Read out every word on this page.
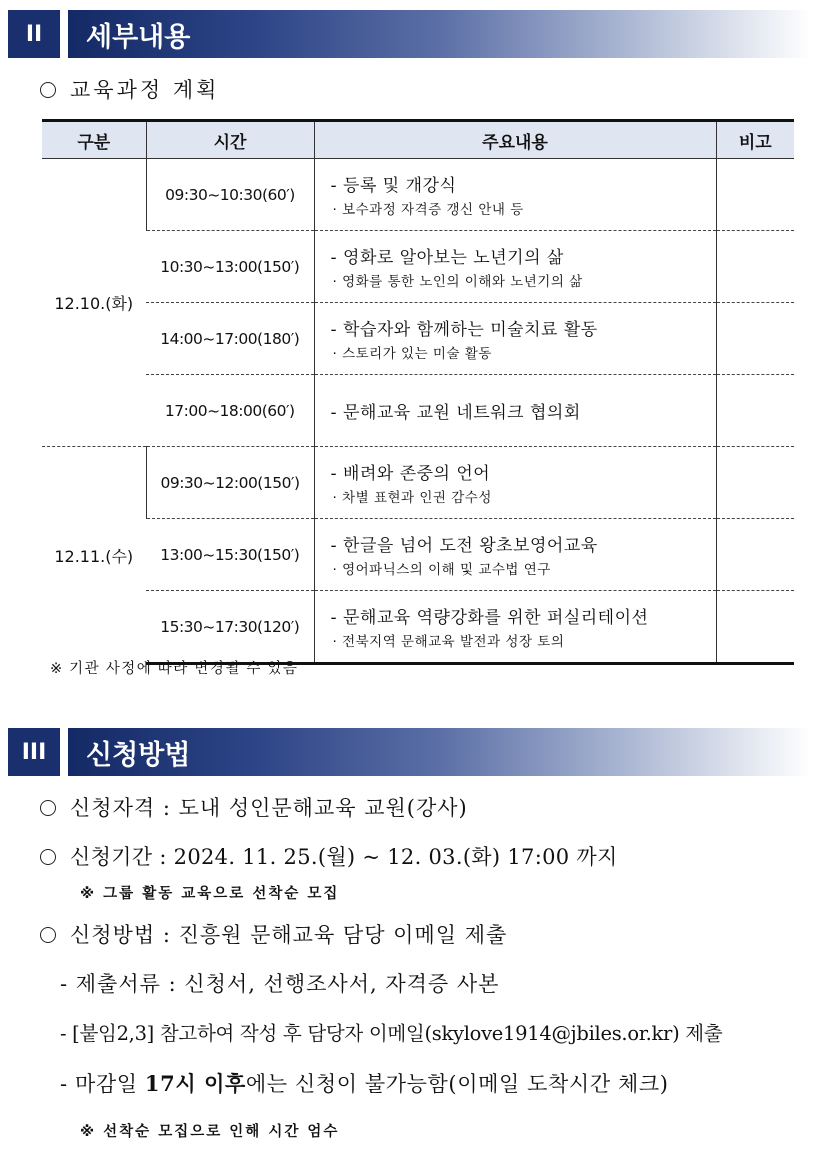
II	세부내용
교육과정 계획
구분	시간	주요내용	비고
12.10.(화)	09:30~10:30(60′)	- 등록 및 개강식
· 보수과정 자격증 갱신 안내 등	

	10:30~13:00(150′)	- 영화로 알아보는 노년기의 삶
· 영화를 통한 노인의 이해와 노년기의 삶	

	14:00~17:00(180′)	- 학습자와 함께하는 미술치료 활동
· 스토리가 있는 미술 활동	

	17:00~18:00(60′)	- 문해교육 교원 네트워크 협의회	

12.11.(수)	09:30~12:00(150′)	- 배려와 존중의 언어
· 차별 표현과 인권 감수성	

	13:00~15:30(150′)	- 한글을 넘어 도전 왕초보영어교육
· 영어파닉스의 이해 및 교수법 연구	

	15:30~17:30(120′)	- 문해교육 역량강화를 위한 퍼실리테이션
· 전북지역 문해교육 발전과 성장 토의	

※ 기관 사정에 따라 변경될 수 있음
III	신청방법
신청자격 : 도내 성인문해교육 교원(강사)
신청기간 : 2024. 11. 25.(월) ~ 12. 03.(화) 17:00 까지
※ 그룹 활동 교육으로 선착순 모집
신청방법 : 진흥원 문해교육 담당 이메일 제출
- 제출서류 : 신청서, 선행조사서, 자격증 사본
- [붙임2,3] 참고하여 작성 후 담당자 이메일(skylove1914@jbiles.or.kr) 제출
- 마감일 17시 이후에는 신청이 불가능함(이메일 도착시간 체크)
※ 선착순 모집으로 인해 시간 엄수
